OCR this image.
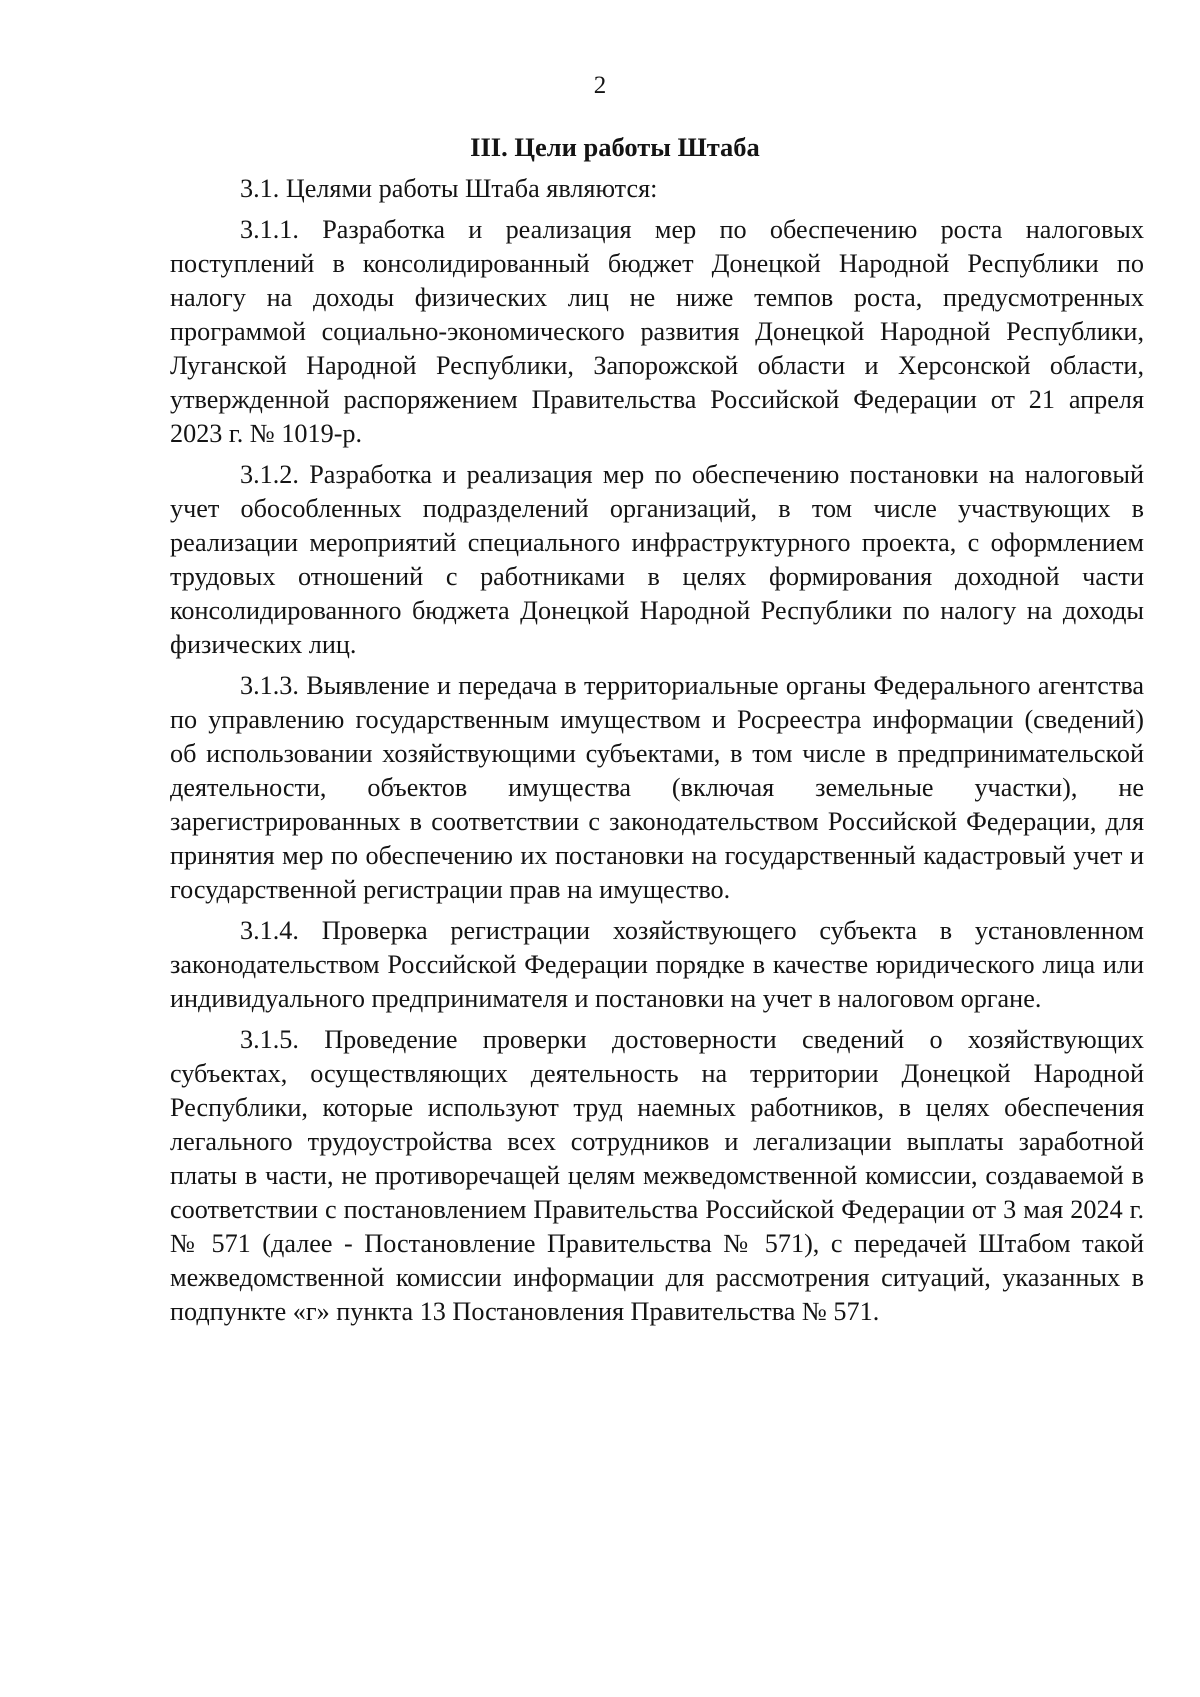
2
III. Цели работы Штаба

3.1. Целями работы Штаба являются:

3.1.1. Разработка и реализация мер по обеспечению роста налоговых поступлений в консолидированный бюджет Донецкой Народной Республики по налогу на доходы физических лиц не ниже темпов роста, предусмотренных программой социально-экономического развития Донецкой Народной Республики, Луганской Народной Республики, Запорожской области и Херсонской области, утвержденной распоряжением Правительства Российской Федерации от 21 апреля 2023 г. № 1019-р.

3.1.2. Разработка и реализация мер по обеспечению постановки на налоговый учет обособленных подразделений организаций, в том числе участвующих в реализации мероприятий специального инфраструктурного проекта, с оформлением трудовых отношений с работниками в целях формирования доходной части консолидированного бюджета Донецкой Народной Республики по налогу на доходы физических лиц.

3.1.3. Выявление и передача в территориальные органы Федерального агентства по управлению государственным имуществом и Росреестра информации (сведений) об использовании хозяйствующими субъектами, в том числе в предпринимательской деятельности, объектов имущества (включая земельные участки), не зарегистрированных в соответствии с законодательством Российской Федерации, для принятия мер по обеспечению их постановки на государственный кадастровый учет и государственной регистрации прав на имущество.

3.1.4. Проверка регистрации хозяйствующего субъекта в установленном законодательством Российской Федерации порядке в качестве юридического лица или индивидуального предпринимателя и постановки на учет в налоговом органе.

3.1.5. Проведение проверки достоверности сведений о хозяйствующих субъектах, осуществляющих деятельность на территории Донецкой Народной Республики, которые используют труд наемных работников, в целях обеспечения легального трудоустройства всех сотрудников и легализации выплаты заработной платы в части, не противоречащей целям межведомственной комиссии, создаваемой в соответствии с постановлением Правительства Российской Федерации от 3 мая 2024 г. № 571 (далее - Постановление Правительства № 571), с передачей Штабом такой межведомственной комиссии информации для рассмотрения ситуаций, указанных в подпункте «г» пункта 13 Постановления Правительства № 571.
